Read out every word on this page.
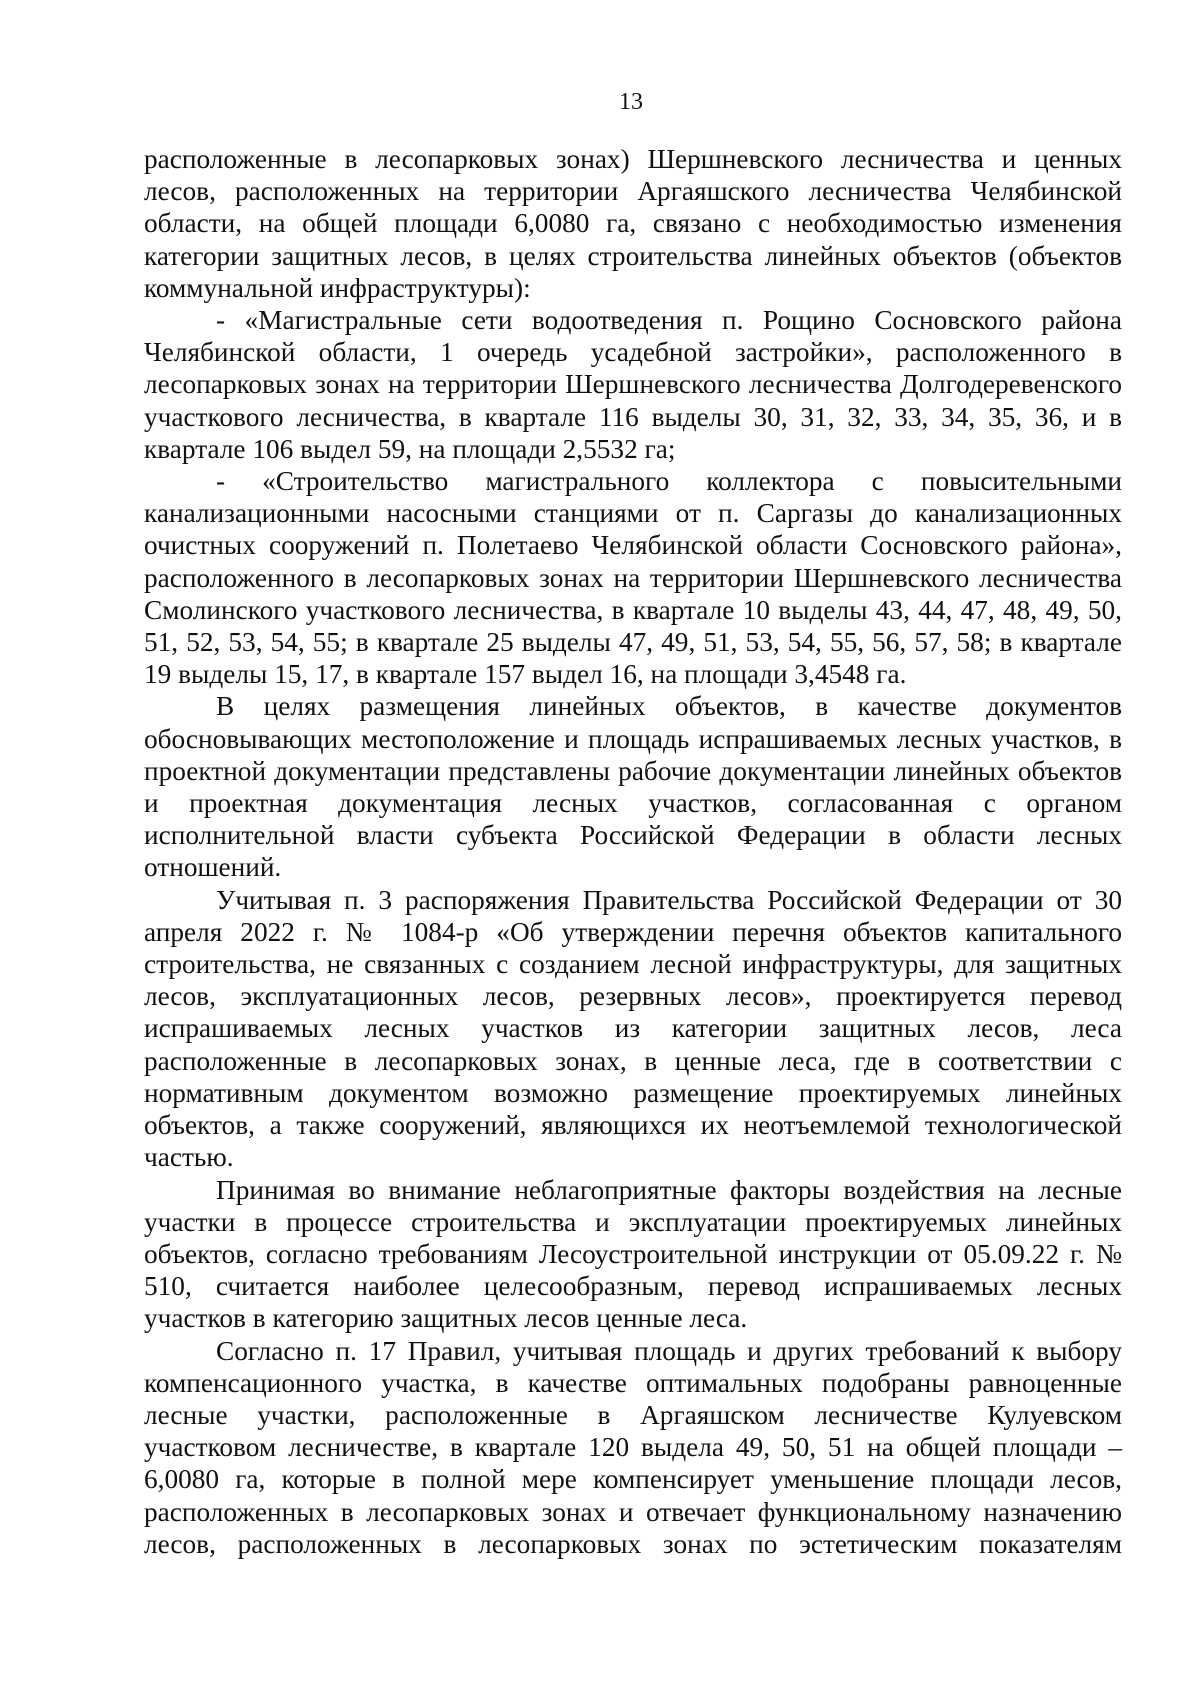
13

расположенные в лесопарковых зонах) Шершневского лесничества и ценных лесов, расположенных на территории Аргаяшского лесничества Челябинской области, на общей площади 6,0080 га, связано с необходимостью изменения категории защитных лесов, в целях строительства линейных объектов (объектов коммунальной инфраструктуры):

- «Магистральные сети водоотведения п. Рощино Сосновского района Челябинской области, 1 очередь усадебной застройки», расположенного в лесопарковых зонах на территории Шершневского лесничества Долгодеревенского участкового лесничества, в квартале 116 выделы 30, 31, 32, 33, 34, 35, 36, и в квартале 106 выдел 59, на площади 2,5532 га;

- «Строительство магистрального коллектора с повысительными канализационными насосными станциями от п. Саргазы до канализационных очистных сооружений п. Полетаево Челябинской области Сосновского района», расположенного в лесопарковых зонах на территории Шершневского лесничества Смолинского участкового лесничества, в квартале 10 выделы 43, 44, 47, 48, 49, 50, 51, 52, 53, 54, 55; в квартале 25 выделы 47, 49, 51, 53, 54, 55, 56, 57, 58; в квартале 19 выделы 15, 17, в квартале 157 выдел 16, на площади 3,4548 га.

В целях размещения линейных объектов, в качестве документов обосновывающих местоположение и площадь испрашиваемых лесных участков, в проектной документации представлены рабочие документации линейных объектов и проектная документация лесных участков, согласованная с органом исполнительной власти субъекта Российской Федерации в области лесных отношений.

Учитывая п. 3 распоряжения Правительства Российской Федерации от 30 апреля 2022 г. № 1084-р «Об утверждении перечня объектов капитального строительства, не связанных с созданием лесной инфраструктуры, для защитных лесов, эксплуатационных лесов, резервных лесов», проектируется перевод испрашиваемых лесных участков из категории защитных лесов, леса расположенные в лесопарковых зонах, в ценные леса, где в соответствии с нормативным документом возможно размещение проектируемых линейных объектов, а также сооружений, являющихся их неотъемлемой технологической частью.

Принимая во внимание неблагоприятные факторы воздействия на лесные участки в процессе строительства и эксплуатации проектируемых линейных объектов, согласно требованиям Лесоустроительной инструкции от 05.09.22 г. № 510, считается наиболее целесообразным, перевод испрашиваемых лесных участков в категорию защитных лесов ценные леса.

Согласно п. 17 Правил, учитывая площадь и других требований к выбору компенсационного участка, в качестве оптимальных подобраны равноценные лесные участки, расположенные в Аргаяшском лесничестве Кулуевском участковом лесничестве, в квартале 120 выдела 49, 50, 51 на общей площади – 6,0080 га, которые в полной мере компенсирует уменьшение площади лесов, расположенных в лесопарковых зонах и отвечает функциональному назначению лесов, расположенных в лесопарковых зонах по эстетическим показателям
